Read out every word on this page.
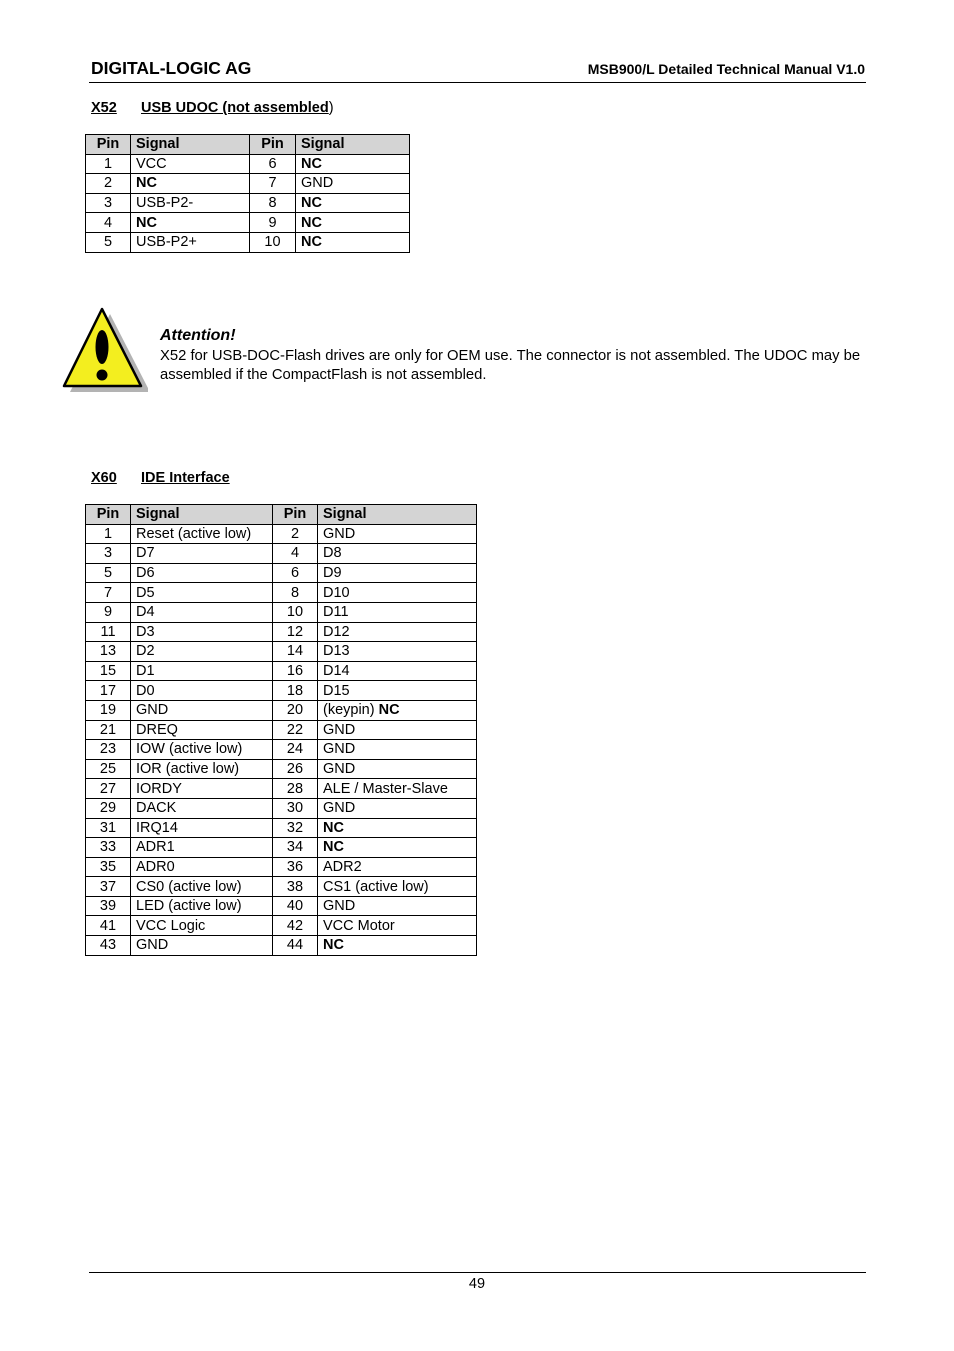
DIGITAL-LOGIC AG	MSB900/L Detailed Technical Manual V1.0
X52 USB UDOC (not assembled)
Pin	Signal	Pin	Signal
1	VCC	6	NC
2	NC	7	GND
3	USB-P2-	8	NC
4	NC	9	NC
5	USB-P2+	10	NC
Attention!
X52 for USB-DOC-Flash drives are only for OEM use. The connector is not assembled. The UDOC may be assembled if the CompactFlash is not assembled.
X60 IDE Interface
Pin	Signal	Pin	Signal
1	Reset (active low)	2	GND
3	D7	4	D8
5	D6	6	D9
7	D5	8	D10
9	D4	10	D11
11	D3	12	D12
13	D2	14	D13
15	D1	16	D14
17	D0	18	D15
19	GND	20	(keypin) NC
21	DREQ	22	GND
23	IOW (active low)	24	GND
25	IOR (active low)	26	GND
27	IORDY	28	ALE / Master-Slave
29	DACK	30	GND
31	IRQ14	32	NC
33	ADR1	34	NC
35	ADR0	36	ADR2
37	CS0 (active low)	38	CS1 (active low)
39	LED (active low)	40	GND
41	VCC Logic	42	VCC Motor
43	GND	44	NC
49
